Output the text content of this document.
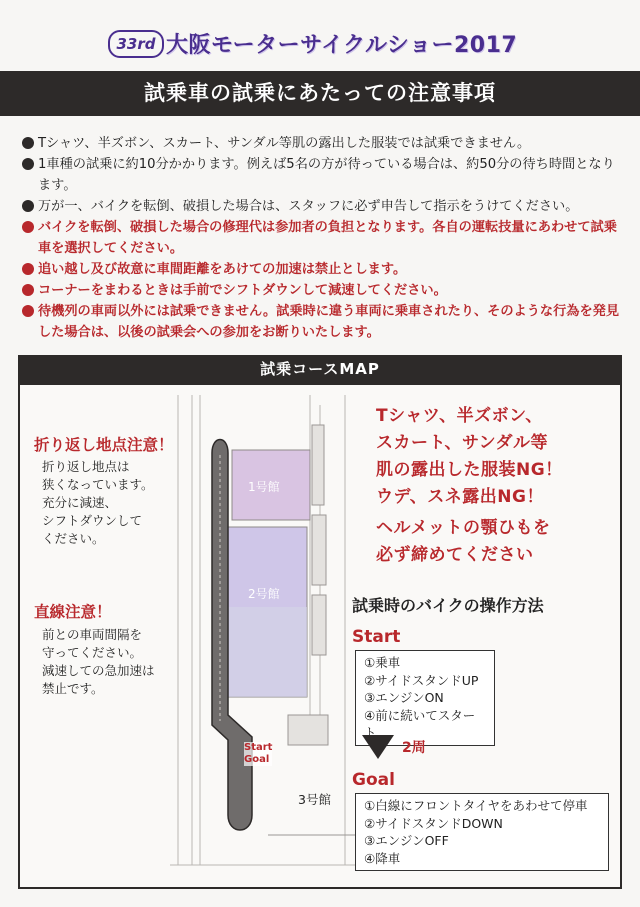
33rd 大阪モーターサイクルショー2017
試乗車の試乗にあたっての注意事項
Tシャツ、半ズボン、スカート、サンダル等肌の露出した服装では試乗できません。
1車種の試乗に約10分かかります。例えば5名の方が待っている場合は、約50分の待ち時間となります。
万が一、バイクを転倒、破損した場合は、スタッフに必ず申告して指示をうけてください。
バイクを転倒、破損した場合の修理代は参加者の負担となります。各自の運転技量にあわせて試乗車を選択してください。
追い越し及び故意に車間距離をあけての加速は禁止とします。
コーナーをまわるときは手前でシフトダウンして減速してください。
待機列の車両以外には試乗できません。試乗時に違う車両に乗車されたり、そのような行為を発見した場合は、以後の試乗会への参加をお断りいたします。
試乗コースMAP
折り返し地点注意！
折り返し地点は
狭くなっています。
充分に減速、
シフトダウンして
ください。
直線注意！
前との車両間隔を
守ってください。
減速しての急加速は
禁止です。
1号館
2号館
3号館
Start
Goal
Tシャツ、半ズボン、
スカート、サンダル等
肌の露出した服装NG！
ウデ、スネ露出NG！
ヘルメットの顎ひもを
必ず締めてください
試乗時のバイクの操作方法
Start
①乗車
②サイドスタンドUP
③エンジンON
④前に続いてスタート
2周
Goal
①白線にフロントタイヤをあわせて停車
②サイドスタンドDOWN
③エンジンOFF
④降車
